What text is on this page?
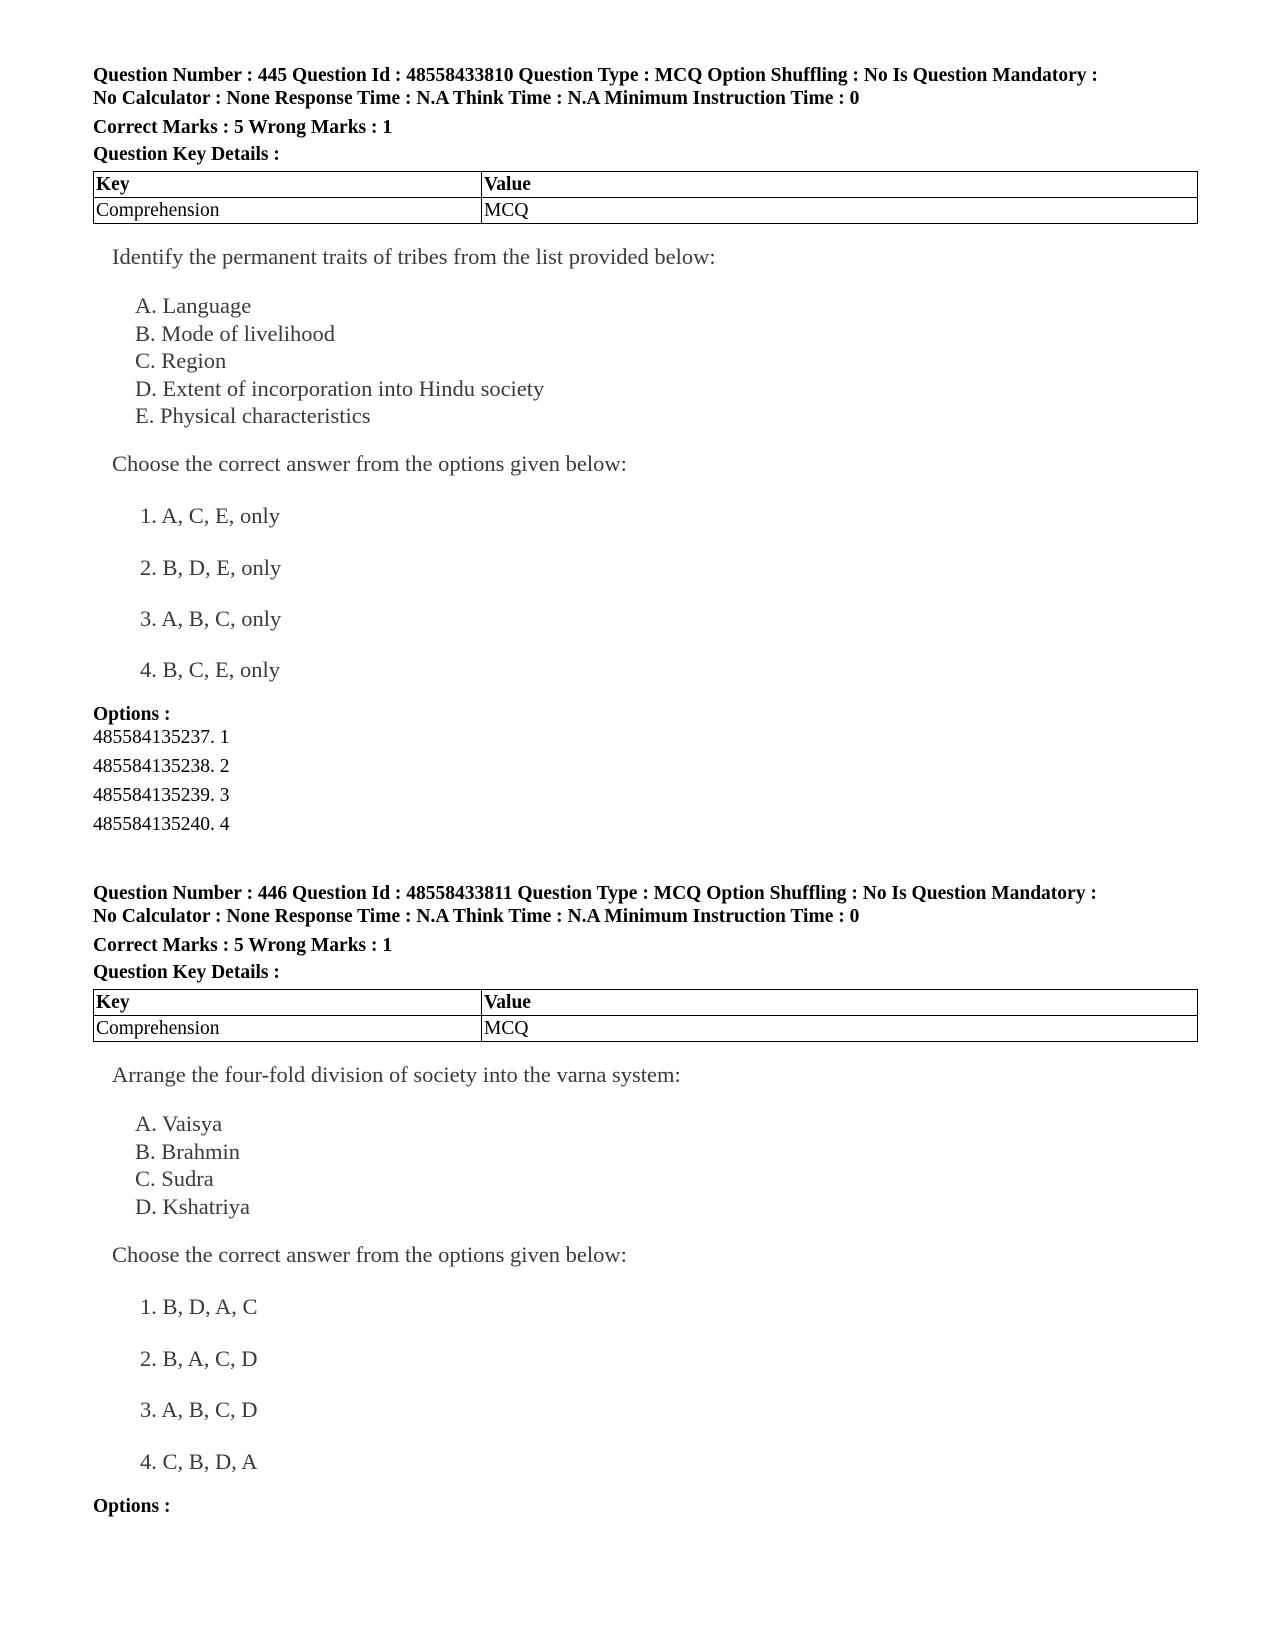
Question Number : 445 Question Id : 48558433810 Question Type : MCQ Option Shuffling : No Is Question Mandatory :
No Calculator : None Response Time : N.A Think Time : N.A Minimum Instruction Time : 0
Correct Marks : 5 Wrong Marks : 1
Question Key Details :
Key	Value
Comprehension	MCQ
Identify the permanent traits of tribes from the list provided below:
A. Language
B. Mode of livelihood
C. Region
D. Extent of incorporation into Hindu society
E. Physical characteristics
Choose the correct answer from the options given below:
1. A, C, E, only
2. B, D, E, only
3. A, B, C, only
4. B, C, E, only
Options :
485584135237. 1
485584135238. 2
485584135239. 3
485584135240. 4
Question Number : 446 Question Id : 48558433811 Question Type : MCQ Option Shuffling : No Is Question Mandatory :
No Calculator : None Response Time : N.A Think Time : N.A Minimum Instruction Time : 0
Correct Marks : 5 Wrong Marks : 1
Question Key Details :
Key	Value
Comprehension	MCQ
Arrange the four-fold division of society into the varna system:
A. Vaisya
B. Brahmin
C. Sudra
D. Kshatriya
Choose the correct answer from the options given below:
1. B, D, A, C
2. B, A, C, D
3. A, B, C, D
4. C, B, D, A
Options :
